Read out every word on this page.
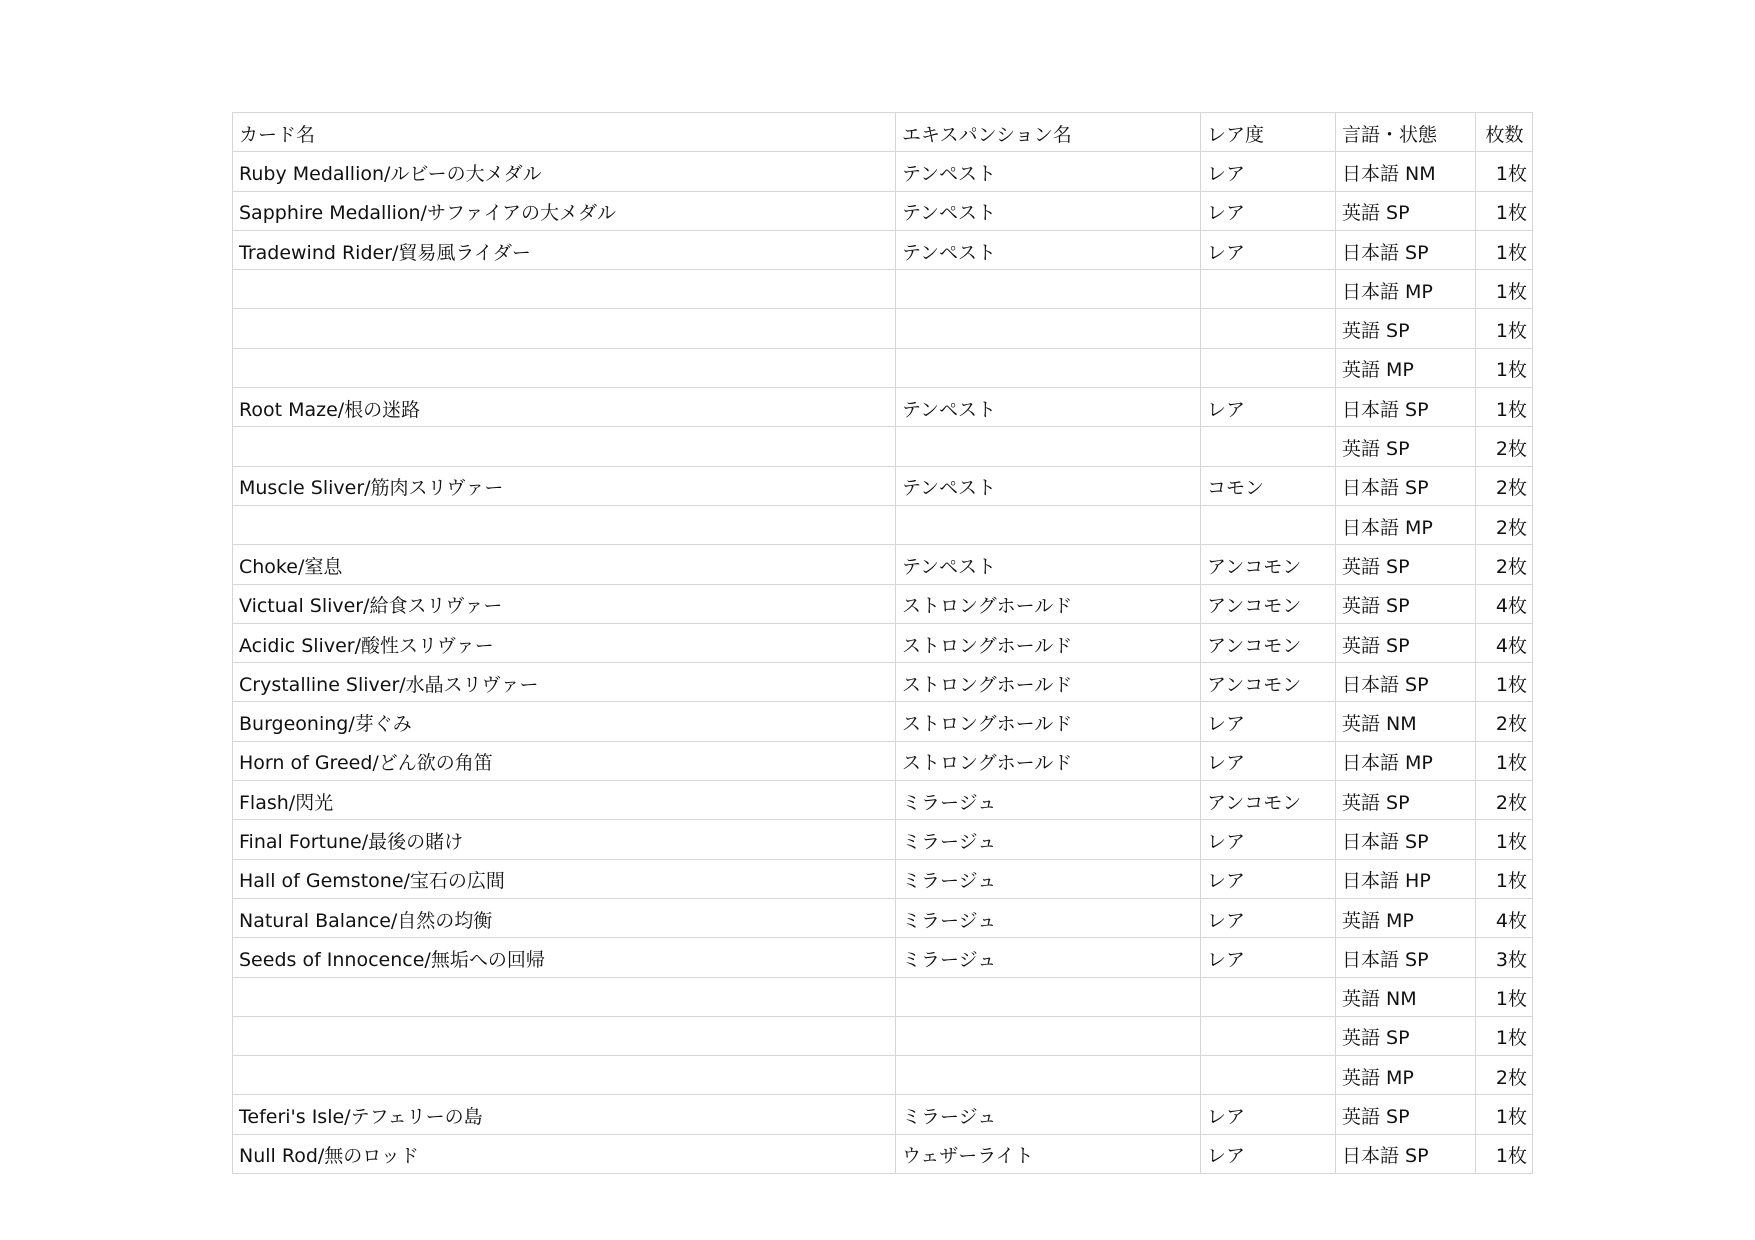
カード名	エキスパンション名	レア度	言語・状態	枚数
Ruby Medallion/ルビーの大メダル	テンペスト	レア	日本語 NM	1枚
Sapphire Medallion/サファイアの大メダル	テンペスト	レア	英語 SP	1枚
Tradewind Rider/貿易風ライダー	テンペスト	レア	日本語 SP	1枚
			日本語 MP	1枚
			英語 SP	1枚
			英語 MP	1枚
Root Maze/根の迷路	テンペスト	レア	日本語 SP	1枚
			英語 SP	2枚
Muscle Sliver/筋肉スリヴァー	テンペスト	コモン	日本語 SP	2枚
			日本語 MP	2枚
Choke/窒息	テンペスト	アンコモン	英語 SP	2枚
Victual Sliver/給食スリヴァー	ストロングホールド	アンコモン	英語 SP	4枚
Acidic Sliver/酸性スリヴァー	ストロングホールド	アンコモン	英語 SP	4枚
Crystalline Sliver/水晶スリヴァー	ストロングホールド	アンコモン	日本語 SP	1枚
Burgeoning/芽ぐみ	ストロングホールド	レア	英語 NM	2枚
Horn of Greed/どん欲の角笛	ストロングホールド	レア	日本語 MP	1枚
Flash/閃光	ミラージュ	アンコモン	英語 SP	2枚
Final Fortune/最後の賭け	ミラージュ	レア	日本語 SP	1枚
Hall of Gemstone/宝石の広間	ミラージュ	レア	日本語 HP	1枚
Natural Balance/自然の均衡	ミラージュ	レア	英語 MP	4枚
Seeds of Innocence/無垢への回帰	ミラージュ	レア	日本語 SP	3枚
			英語 NM	1枚
			英語 SP	1枚
			英語 MP	2枚
Teferi's Isle/テフェリーの島	ミラージュ	レア	英語 SP	1枚
Null Rod/無のロッド	ウェザーライト	レア	日本語 SP	1枚
